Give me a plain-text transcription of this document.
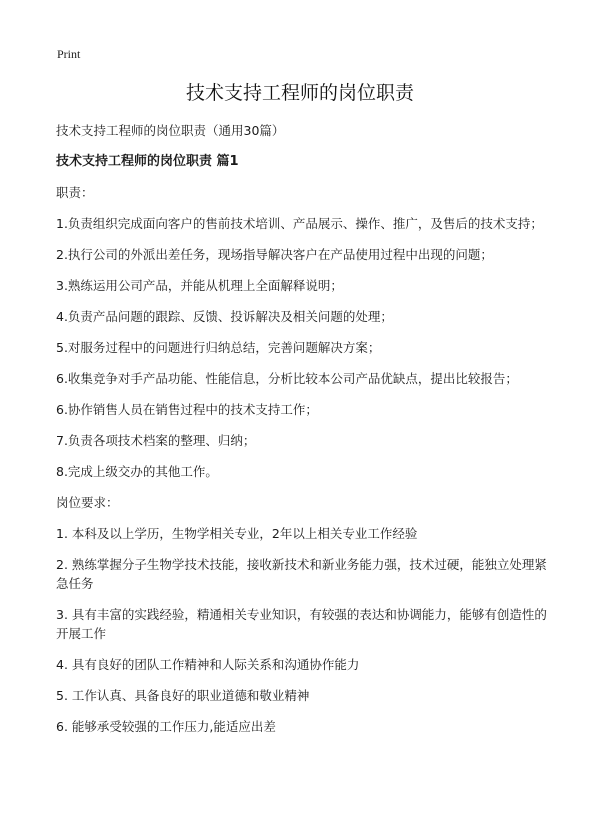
Print
技术支持工程师的岗位职责

技术支持工程师的岗位职责（通用30篇）

技术支持工程师的岗位职责 篇1

职责：

1.负责组织完成面向客户的售前技术培训、产品展示、操作、推广，及售后的技术支持；

2.执行公司的外派出差任务，现场指导解决客户在产品使用过程中出现的问题；

3.熟练运用公司产品，并能从机理上全面解释说明；

4.负责产品问题的跟踪、反馈、投诉解决及相关问题的处理；

5.对服务过程中的问题进行归纳总结，完善问题解决方案；

6.收集竞争对手产品功能、性能信息，分析比较本公司产品优缺点，提出比较报告；

6.协作销售人员在销售过程中的技术支持工作；

7.负责各项技术档案的整理、归纳；

8.完成上级交办的其他工作。

岗位要求：

1. 本科及以上学历，生物学相关专业，2年以上相关专业工作经验

2. 熟练掌握分子生物学技术技能，接收新技术和新业务能力强，技术过硬，能独立处理紧急任务

3. 具有丰富的实践经验，精通相关专业知识，有较强的表达和协调能力，能够有创造性的开展工作

4. 具有良好的团队工作精神和人际关系和沟通协作能力

5. 工作认真、具备良好的职业道德和敬业精神

6. 能够承受较强的工作压力,能适应出差
